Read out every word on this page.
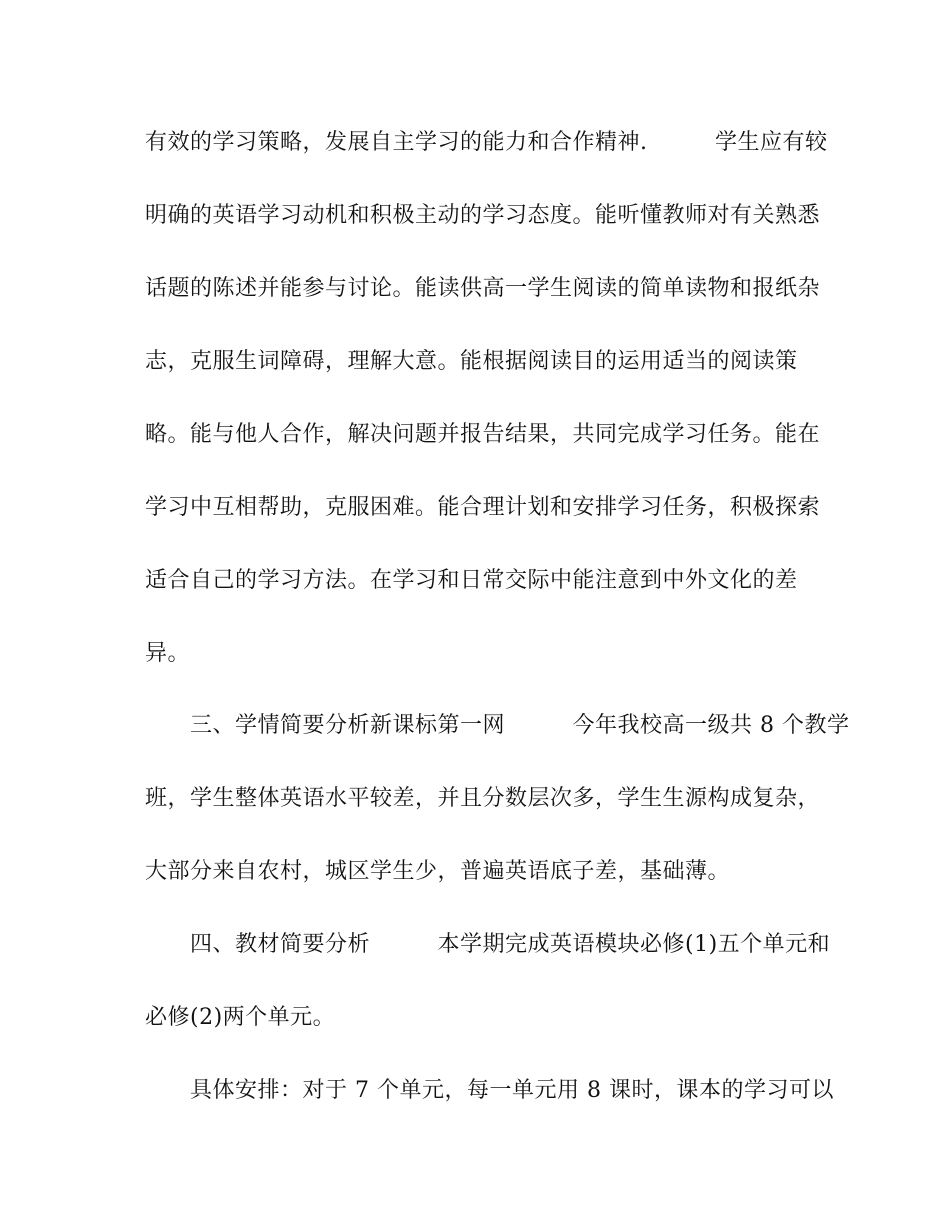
有效的学习策略，发展自主学习的能力和合作精神.　　　学生应有较
明确的英语学习动机和积极主动的学习态度。能听懂教师对有关熟悉
话题的陈述并能参与讨论。能读供高一学生阅读的简单读物和报纸杂
志，克服生词障碍，理解大意。能根据阅读目的运用适当的阅读策
略。能与他人合作，解决问题并报告结果，共同完成学习任务。能在
学习中互相帮助，克服困难。能合理计划和安排学习任务，积极探索
适合自己的学习方法。在学习和日常交际中能注意到中外文化的差
异。
　　三、学情简要分析新课标第一网　　　今年我校高一级共 8 个教学
班，学生整体英语水平较差，并且分数层次多，学生生源构成复杂，
大部分来自农村，城区学生少，普遍英语底子差，基础薄。
　　四、教材简要分析　　　本学期完成英语模块必修(1)五个单元和
必修(2)两个单元。
　　具体安排：对于 7 个单元，每一单元用 8 课时，课本的学习可以
